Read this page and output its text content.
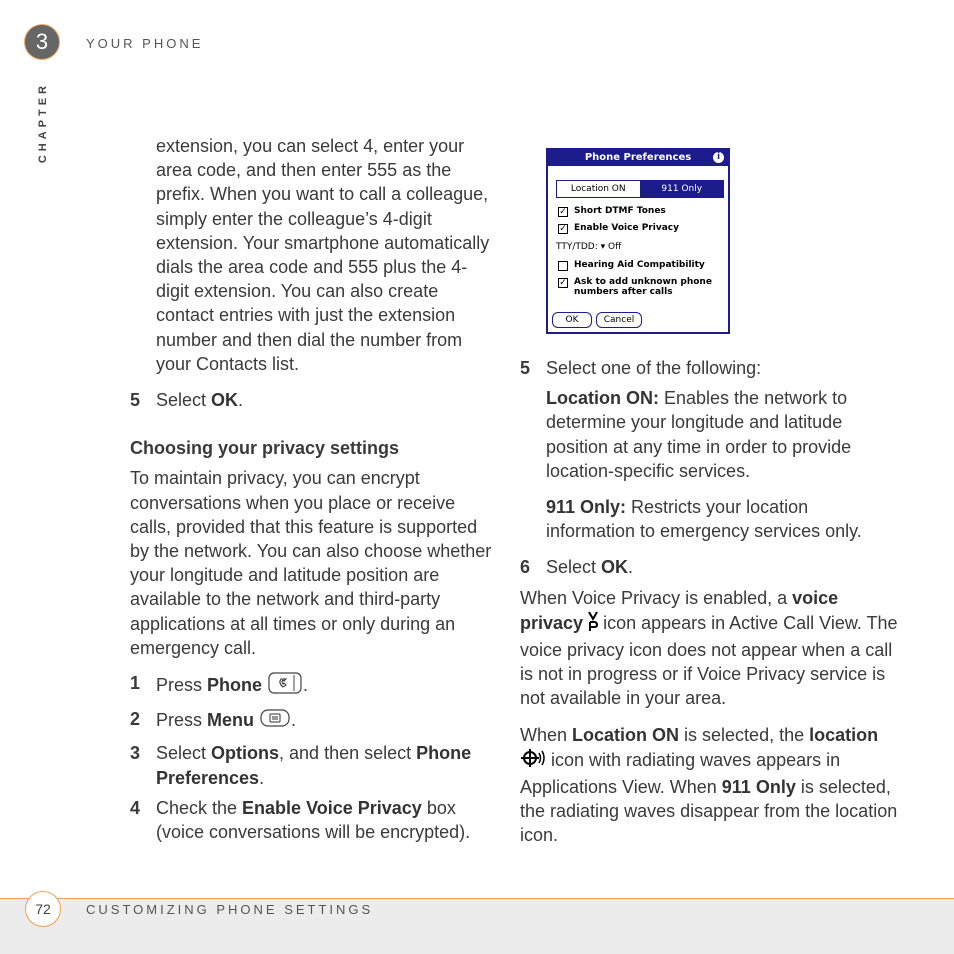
3	YOUR PHONE
CHAPTER	extension, you can select 4, enter your area code, and then enter 555 as the prefix. When you want to call a colleague, simply enter the colleague’s 4-digit extension. Your smartphone automatically dials the area code and 555 plus the 4-digit extension. You can also create contact entries with just the extension number and then dial the number from your Contacts list.

5 Select OK.

Choosing your privacy settings

To maintain privacy, you can encrypt conversations when you place or receive calls, provided that this feature is supported by the network. You can also choose whether your longitude and latitude position are available to the network and third-party applications at all times or only during an emergency call.

1 Press Phone .

2 Press Menu .

3 Select Options, and then select Phone Preferences.

4 Check the Enable Voice Privacy box (voice conversations will be encrypted).

Phone Preferences	i
Location ON	911 Only
✓ Short DTMF Tones
✓ Enable Voice Privacy
TTY/TDD: ▾ Off
Hearing Aid Compatibility
✓ Ask to add unknown phone
numbers after calls
OK	Cancel

5 Select one of the following:

Location ON: Enables the network to determine your longitude and latitude position at any time in order to provide location-specific services.

911 Only: Restricts your location information to emergency services only.

6 Select OK.

When Voice Privacy is enabled, a voice privacy  icon appears in Active Call View. The voice privacy icon does not appear when a call is not in progress or if Voice Privacy service is not available in your area.

When Location ON is selected, the location  icon with radiating waves appears in Applications View. When 911 Only is selected, the radiating waves disappear from the location icon.

72	CUSTOMIZING PHONE SETTINGS
